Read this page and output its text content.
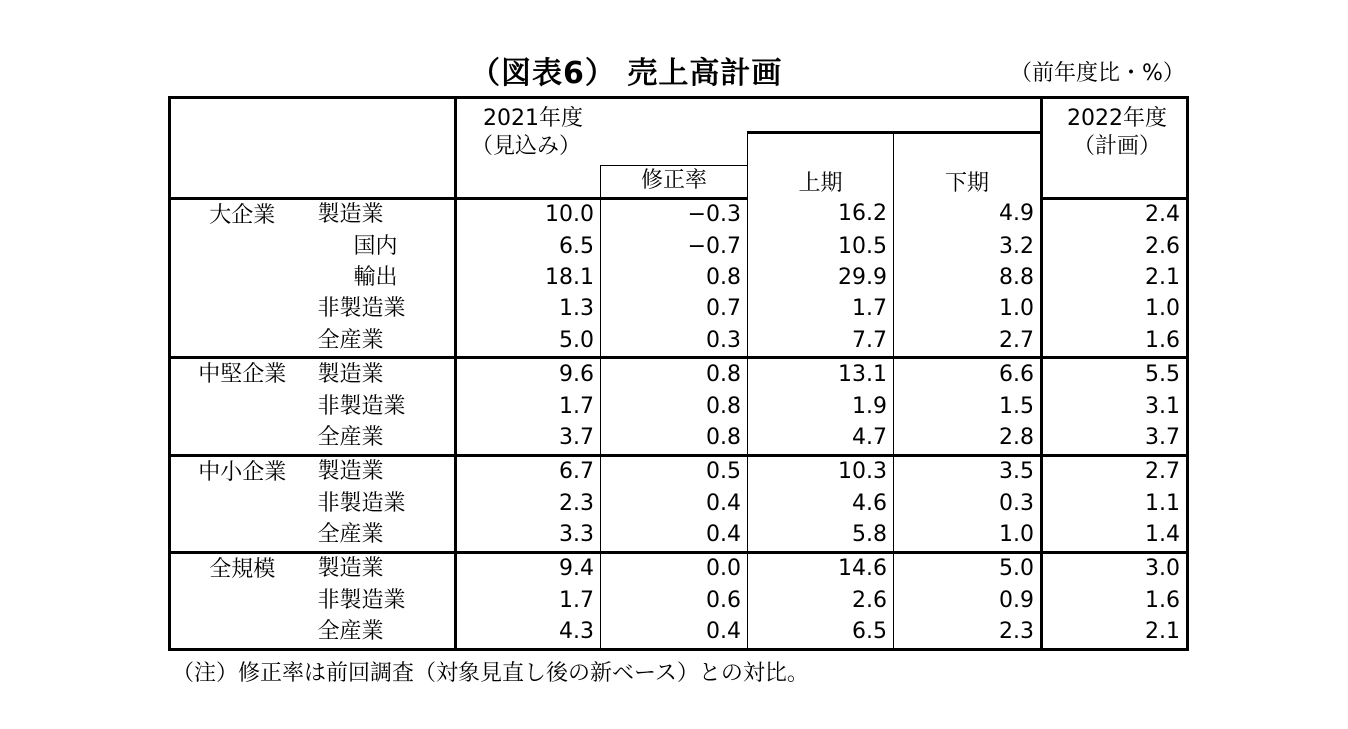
（図表6） 売上高計画	（前年度比・%）
		2021年度				2022年度
		（見込み）		上期	下期	（計画）
			修正率			
大企業	製造業	10.0	−0.3	16.2	4.9	2.4
	国内	6.5	−0.7	10.5	3.2	2.6
	輸出	18.1	0.8	29.9	8.8	2.1
	非製造業	1.3	0.7	1.7	1.0	1.0
	全産業	5.0	0.3	7.7	2.7	1.6
中堅企業	製造業	9.6	0.8	13.1	6.6	5.5
	非製造業	1.7	0.8	1.9	1.5	3.1
	全産業	3.7	0.8	4.7	2.8	3.7
中小企業	製造業	6.7	0.5	10.3	3.5	2.7
	非製造業	2.3	0.4	4.6	0.3	1.1
	全産業	3.3	0.4	5.8	1.0	1.4
全規模	製造業	9.4	0.0	14.6	5.0	3.0
	非製造業	1.7	0.6	2.6	0.9	1.6
	全産業	4.3	0.4	6.5	2.3	2.1
（注）修正率は前回調査（対象見直し後の新ベース）との対比。
